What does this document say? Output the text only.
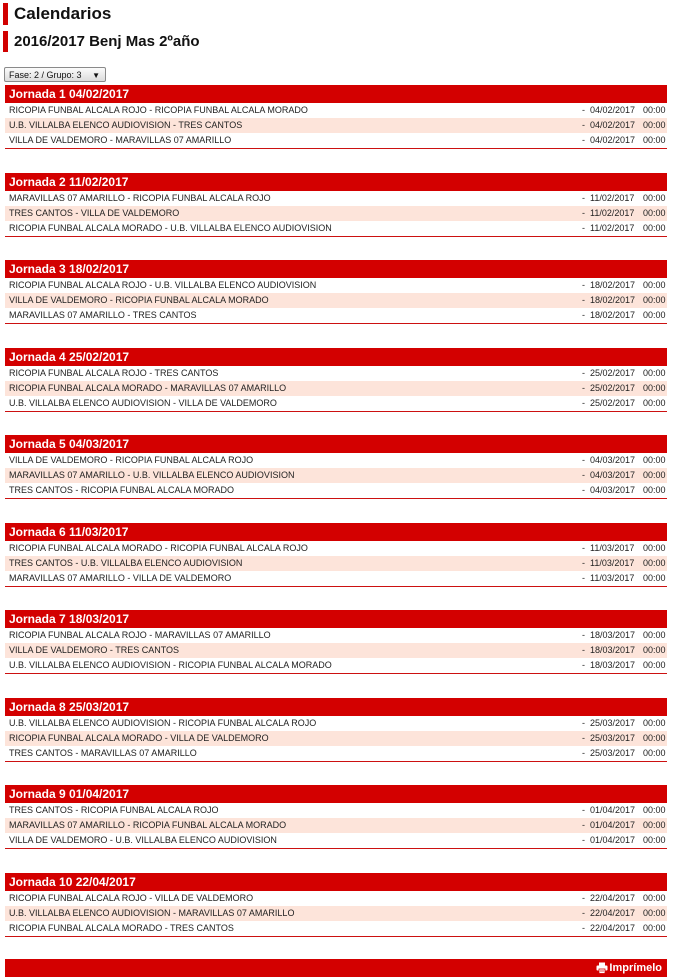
Calendarios
2016/2017 Benj Mas 2ºaño
Fase: 2 / Grupo: 3 ▼
Jornada 1 04/02/2017
RICOPIA FUNBAL ALCALA ROJO - RICOPIA FUNBAL ALCALA MORADO	- 04/02/2017 00:00
U.B. VILLALBA ELENCO AUDIOVISION - TRES CANTOS	- 04/02/2017 00:00
VILLA DE VALDEMORO - MARAVILLAS 07 AMARILLO	- 04/02/2017 00:00
Jornada 2 11/02/2017
MARAVILLAS 07 AMARILLO - RICOPIA FUNBAL ALCALA ROJO	- 11/02/2017 00:00
TRES CANTOS - VILLA DE VALDEMORO	- 11/02/2017 00:00
RICOPIA FUNBAL ALCALA MORADO - U.B. VILLALBA ELENCO AUDIOVISION	- 11/02/2017 00:00
Jornada 3 18/02/2017
RICOPIA FUNBAL ALCALA ROJO - U.B. VILLALBA ELENCO AUDIOVISION	- 18/02/2017 00:00
VILLA DE VALDEMORO - RICOPIA FUNBAL ALCALA MORADO	- 18/02/2017 00:00
MARAVILLAS 07 AMARILLO - TRES CANTOS	- 18/02/2017 00:00
Jornada 4 25/02/2017
RICOPIA FUNBAL ALCALA ROJO - TRES CANTOS	- 25/02/2017 00:00
RICOPIA FUNBAL ALCALA MORADO - MARAVILLAS 07 AMARILLO	- 25/02/2017 00:00
U.B. VILLALBA ELENCO AUDIOVISION - VILLA DE VALDEMORO	- 25/02/2017 00:00
Jornada 5 04/03/2017
VILLA DE VALDEMORO - RICOPIA FUNBAL ALCALA ROJO	- 04/03/2017 00:00
MARAVILLAS 07 AMARILLO - U.B. VILLALBA ELENCO AUDIOVISION	- 04/03/2017 00:00
TRES CANTOS - RICOPIA FUNBAL ALCALA MORADO	- 04/03/2017 00:00
Jornada 6 11/03/2017
RICOPIA FUNBAL ALCALA MORADO - RICOPIA FUNBAL ALCALA ROJO	- 11/03/2017 00:00
TRES CANTOS - U.B. VILLALBA ELENCO AUDIOVISION	- 11/03/2017 00:00
MARAVILLAS 07 AMARILLO - VILLA DE VALDEMORO	- 11/03/2017 00:00
Jornada 7 18/03/2017
RICOPIA FUNBAL ALCALA ROJO - MARAVILLAS 07 AMARILLO	- 18/03/2017 00:00
VILLA DE VALDEMORO - TRES CANTOS	- 18/03/2017 00:00
U.B. VILLALBA ELENCO AUDIOVISION - RICOPIA FUNBAL ALCALA MORADO	- 18/03/2017 00:00
Jornada 8 25/03/2017
U.B. VILLALBA ELENCO AUDIOVISION - RICOPIA FUNBAL ALCALA ROJO	- 25/03/2017 00:00
RICOPIA FUNBAL ALCALA MORADO - VILLA DE VALDEMORO	- 25/03/2017 00:00
TRES CANTOS - MARAVILLAS 07 AMARILLO	- 25/03/2017 00:00
Jornada 9 01/04/2017
TRES CANTOS - RICOPIA FUNBAL ALCALA ROJO	- 01/04/2017 00:00
MARAVILLAS 07 AMARILLO - RICOPIA FUNBAL ALCALA MORADO	- 01/04/2017 00:00
VILLA DE VALDEMORO - U.B. VILLALBA ELENCO AUDIOVISION	- 01/04/2017 00:00
Jornada 10 22/04/2017
RICOPIA FUNBAL ALCALA ROJO - VILLA DE VALDEMORO	- 22/04/2017 00:00
U.B. VILLALBA ELENCO AUDIOVISION - MARAVILLAS 07 AMARILLO	- 22/04/2017 00:00
RICOPIA FUNBAL ALCALA MORADO - TRES CANTOS	- 22/04/2017 00:00
Imprímelo
